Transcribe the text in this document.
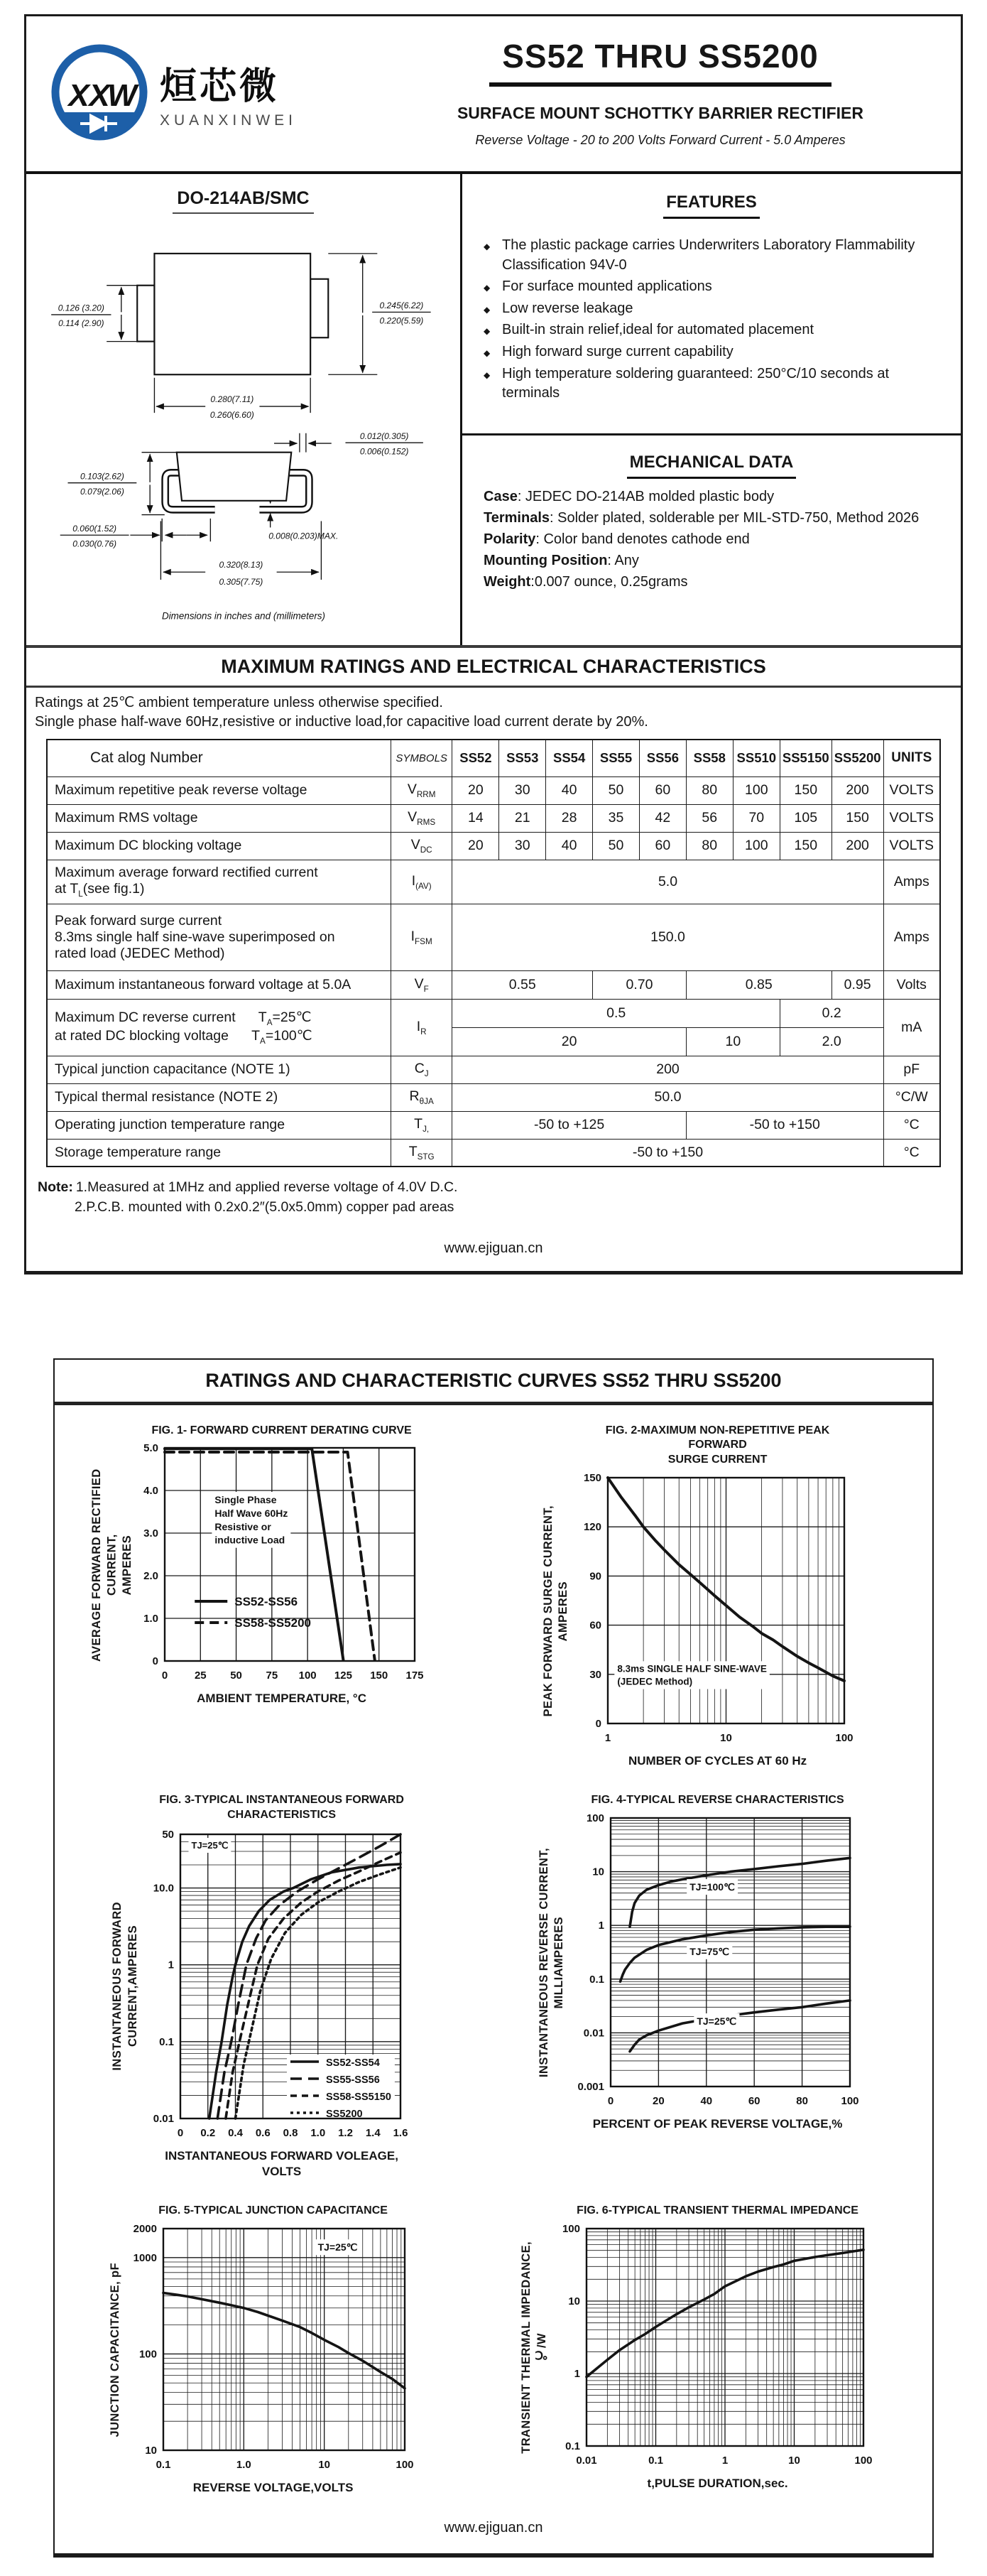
X X
W 烜芯微
XUANXINWEI
SS52 THRU SS5200
SURFACE MOUNT SCHOTTKY BARRIER RECTIFIER
Reverse Voltage - 20 to 200 Volts Forward Current - 5.0 Amperes
DO-214AB/SMC
0.126 (3.20)
0.114 (2.90)
0.245(6.22)
0.220(5.59)
0.280(7.11)
0.260(6.60)
0.012(0.305)
0.006(0.152)
0.103(2.62)
0.079(2.06)
0.060(1.52)
0.030(0.76)
0.008(0.203)MAX.
0.320(8.13)
0.305(7.75)
Dimensions in inches and (millimeters)
FEATURES
◆ The plastic package carries Underwriters Laboratory Flammability Classification 94V-0
◆ For surface mounted applications
◆ Low reverse leakage
◆ Built-in strain relief,ideal for automated placement
◆ High forward surge current capability
◆ High temperature soldering guaranteed: 250°C/10 seconds at terminals
MECHANICAL DATA

Case: JEDEC DO-214AB molded plastic body

Terminals: Solder plated, solderable per MIL-STD-750, Method 2026

Polarity: Color band denotes cathode end

Mounting Position: Any

Weight:0.007 ounce, 0.25grams

MAXIMUM RATINGS AND ELECTRICAL CHARACTERISTICS
Ratings at 25℃ ambient temperature unless otherwise specified.
Single phase half-wave 60Hz,resistive or inductive load,for capacitive load current derate by 20%.
Cat alog Number	SYMBOLS	SS52	SS53	SS54	SS55	SS56	SS58	SS510	SS5150	SS5200	UNITS

Maximum repetitive peak reverse voltage	$V_{RRM}$	20	30	40	50	60	80	100	150	200	VOLTS

Maximum RMS voltage	$V_{RMS}$	14	21	28	35	42	56	70	105	150	VOLTS

Maximum DC blocking voltage	$V_{DC}$	20	30	40	50	60	80	100	150	200	VOLTS

Maximum average forward rectified current
at $T_L(see$ fig.1)	$I_{(AV)}$	5.0									Amps

Peak forward surge current
8.3ms single half sine-wave superimposed on
rated load (JEDEC Method)	$I_{FSM}$	150.0									Amps

Maximum instantaneous forward voltage at 5.0A	$V_F$	0.55			0.70		0.85			0.95	Volts

Maximum DC reverse current      $T_A=25℃$
at rated DC blocking voltage      $T_A=100℃$	$I_R$	0.5							0.2		mA
		20					10		2.0		

Typical junction capacitance (NOTE 1)	$C_J$	200									pF

Typical thermal resistance (NOTE 2)	$R_{\theta JA}$	50.0									°C/W

Operating junction temperature range	$T_{J,}$	-50 to +125					-50 to +150				°C

Storage temperature range	$T_{STG}$	-50 to +150									°C
Note: 1.Measured at 1MHz and applied reverse voltage of 4.0V D.C.
2.P.C.B. mounted with 0.2x0.2″(5.0x5.0mm) copper pad areas
www.ejiguan.cn
RATINGS AND CHARACTERISTIC CURVES SS52 THRU SS5200
FIG. 1- FORWARD CURRENT DERATING CURVE
AVERAGE FORWARD RECTIFIED CURRENT, AMPERES
0	25 50 75 100 125 150 175
0
1.0
2.0
3.0
4.0
5.0
Single Phase
Half Wave 60Hz
Resistive or
inductive Load
SS52-SS56
SS58-SS5200
AMBIENT TEMPERATURE, °C
FIG. 2-MAXIMUM NON-REPETITIVE PEAK FORWARD
SURGE CURRENT
PEAK FORWARD SURGE CURRENT, AMPERES
1	10	100
0
30
60
90
120
150
8.3ms SINGLE HALF SINE-WAVE
(JEDEC Method)
NUMBER OF CYCLES AT 60 Hz
FIG. 3-TYPICAL INSTANTANEOUS FORWARD
CHARACTERISTICS
INSTANTANEOUS FORWARD CURRENT,AMPERES
0 0.2 0.4 0.6 0.8 1.0 1.2 1.4 1.6
50
10.0
1
0.1
0.01
TJ=25℃
SS52-SS54
SS55-SS56
SS58-SS5150
SS5200
INSTANTANEOUS FORWARD VOLEAGE,
VOLTS
FIG. 4-TYPICAL REVERSE CHARACTERISTICS
INSTANTANEOUS REVERSE CURRENT, MILLIAMPERES
0	20	40	60	80	100
100
10
1
0.1
0.01
0.001
TJ=100℃
TJ=75℃
TJ=25℃
PERCENT OF PEAK REVERSE VOLTAGE,%
FIG. 5-TYPICAL JUNCTION CAPACITANCE
JUNCTION CAPACITANCE, pF
0.1	1.0	10	100
2000
1000
100
10
TJ=25℃
REVERSE VOLTAGE,VOLTS
FIG. 6-TYPICAL TRANSIENT THERMAL IMPEDANCE
TRANSIENT THERMAL IMPEDANCE, ℃/W
0.01	0.1	1	10	100
100
10
1
0.1
t,PULSE DURATION,sec.
www.ejiguan.cn
